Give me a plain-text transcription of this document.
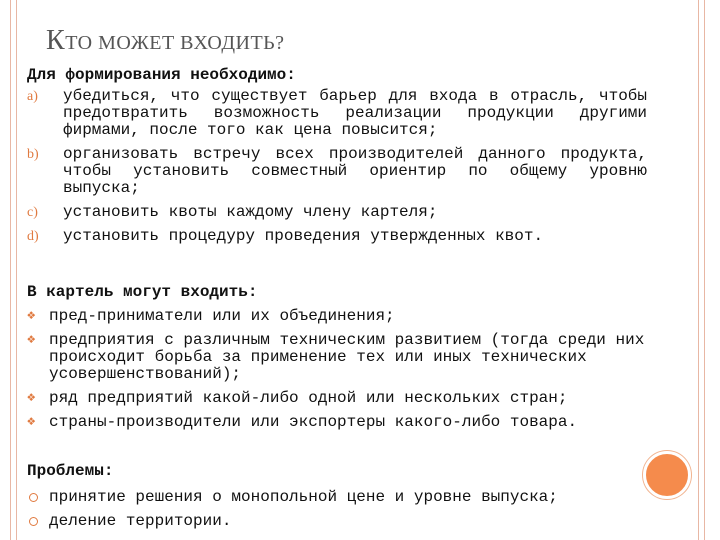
КТО МОЖЕТ ВХОДИТЬ?
Для формирования необходимо:
a) убедиться, что существует барьер для входа в отрасль, чтобы предотвратить возможность реализации продукции другими фирмами, после того как цена повысится;
b) организовать встречу всех производителей данного продукта, чтобы установить совместный ориентир по общему уровню выпуска;
c) установить квоты каждому члену картеля;
d) установить процедуру проведения утвержденных квот.
В картель могут входить:
❖ пред-приниматели или их объединения;
❖ предприятия с различным техническим развитием (тогда среди них происходит борьба за применение тех или иных технических усовершенствований);
❖ ряд предприятий какой-либо одной или нескольких стран;
❖ страны-производители или экспортеры какого-либо товара.
Проблемы:
принятие решения о монопольной цене и уровне выпуска;
деление территории.
